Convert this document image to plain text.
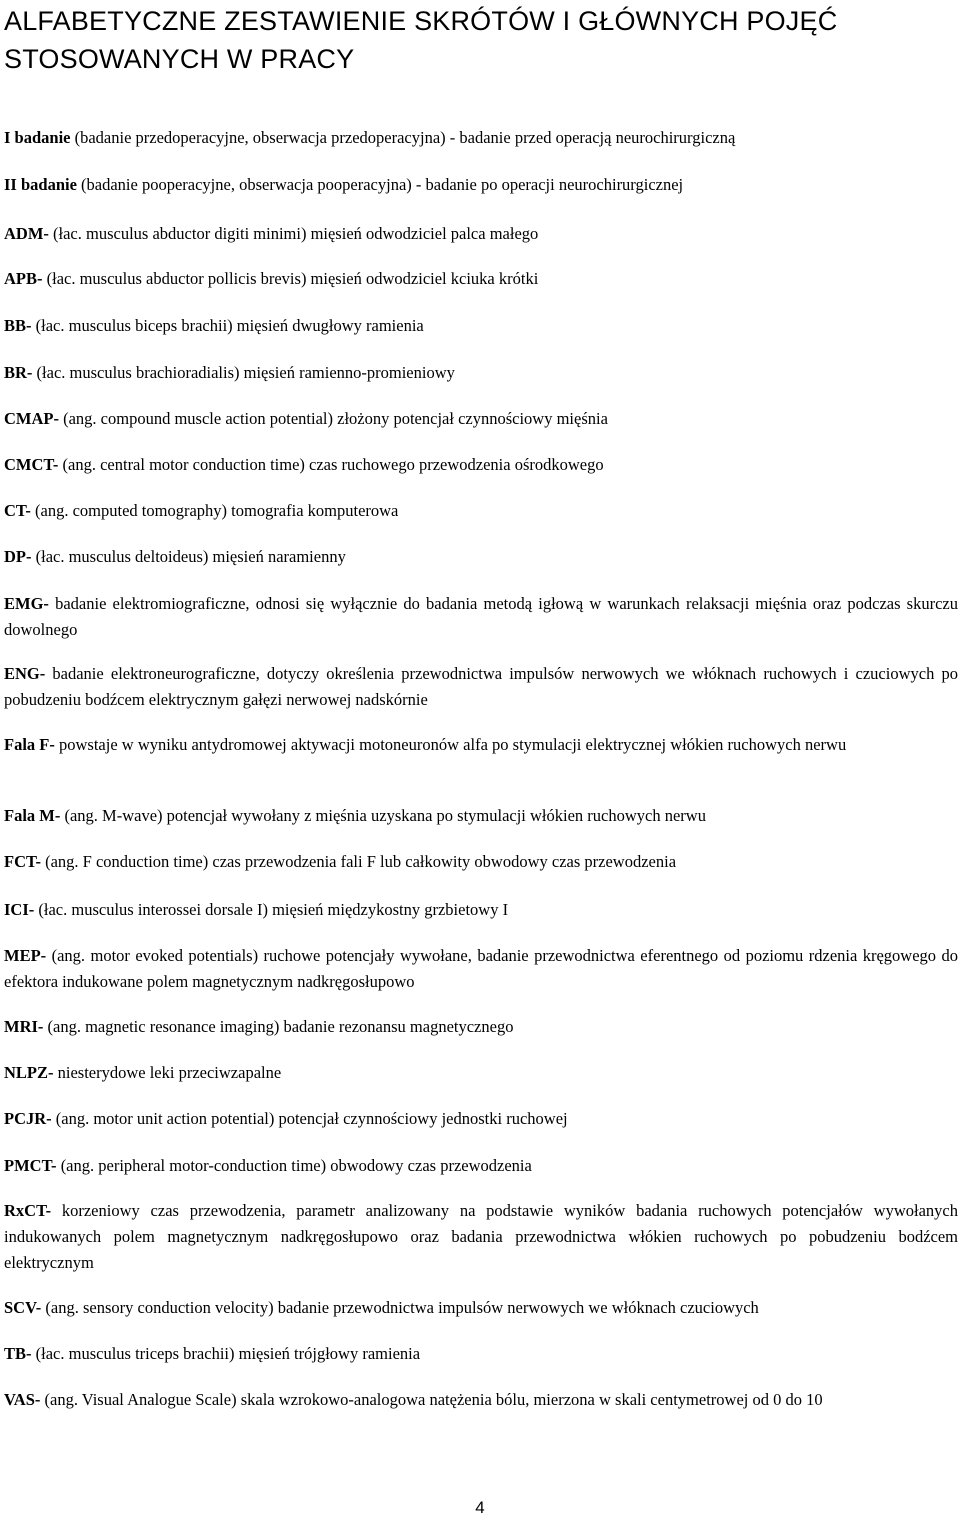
ALFABETYCZNE ZESTAWIENIE SKRÓTÓW I GŁÓWNYCH POJĘĆ STOSOWANYCH W PRACY

I badanie (badanie przedoperacyjne, obserwacja przedoperacyjna) - badanie przed operacją neurochirurgiczną

II badanie (badanie pooperacyjne, obserwacja pooperacyjna) - badanie po operacji neurochirurgicznej

ADM- (łac. musculus abductor digiti minimi) mięsień odwodziciel palca małego

APB- (łac. musculus abductor pollicis brevis) mięsień odwodziciel kciuka krótki

BB- (łac. musculus biceps brachii) mięsień dwugłowy ramienia

BR- (łac. musculus brachioradialis) mięsień ramienno-promieniowy

CMAP- (ang. compound muscle action potential) złożony potencjał czynnościowy mięśnia

CMCT- (ang. central motor conduction time) czas ruchowego przewodzenia ośrodkowego

CT- (ang. computed tomography) tomografia komputerowa

DP- (łac. musculus deltoideus) mięsień naramienny

EMG- badanie elektromiograficzne, odnosi się wyłącznie do badania metodą igłową w warunkach relaksacji mięśnia oraz podczas skurczu dowolnego

ENG- badanie elektroneurograficzne, dotyczy określenia przewodnictwa impulsów nerwowych we włóknach ruchowych i czuciowych po pobudzeniu bodźcem elektrycznym gałęzi nerwowej nadskórnie

Fala F- powstaje w wyniku antydromowej aktywacji motoneuronów alfa po stymulacji elektrycznej włókien ruchowych nerwu

Fala M- (ang. M-wave) potencjał wywołany z mięśnia uzyskana po stymulacji włókien ruchowych nerwu

FCT- (ang. F conduction time) czas przewodzenia fali F lub całkowity obwodowy czas przewodzenia

ICI- (łac. musculus interossei dorsale I) mięsień międzykostny grzbietowy I

MEP- (ang. motor evoked potentials) ruchowe potencjały wywołane, badanie przewodnictwa eferentnego od poziomu rdzenia kręgowego do efektora indukowane polem magnetycznym nadkręgosłupowo

MRI- (ang. magnetic resonance imaging) badanie rezonansu magnetycznego

NLPZ- niesterydowe leki przeciwzapalne

PCJR- (ang. motor unit action potential) potencjał czynnościowy jednostki ruchowej

PMCT- (ang. peripheral motor-conduction time) obwodowy czas przewodzenia

RxCT- korzeniowy czas przewodzenia, parametr analizowany na podstawie wyników badania ruchowych potencjałów wywołanych indukowanych polem magnetycznym nadkręgosłupowo oraz badania przewodnictwa włókien ruchowych po pobudzeniu bodźcem elektrycznym

SCV- (ang. sensory conduction velocity) badanie przewodnictwa impulsów nerwowych we włóknach czuciowych

TB- (łac. musculus triceps brachii) mięsień trójgłowy ramienia

VAS- (ang. Visual Analogue Scale) skala wzrokowo-analogowa natężenia bólu, mierzona w skali centymetrowej od 0 do 10

4
